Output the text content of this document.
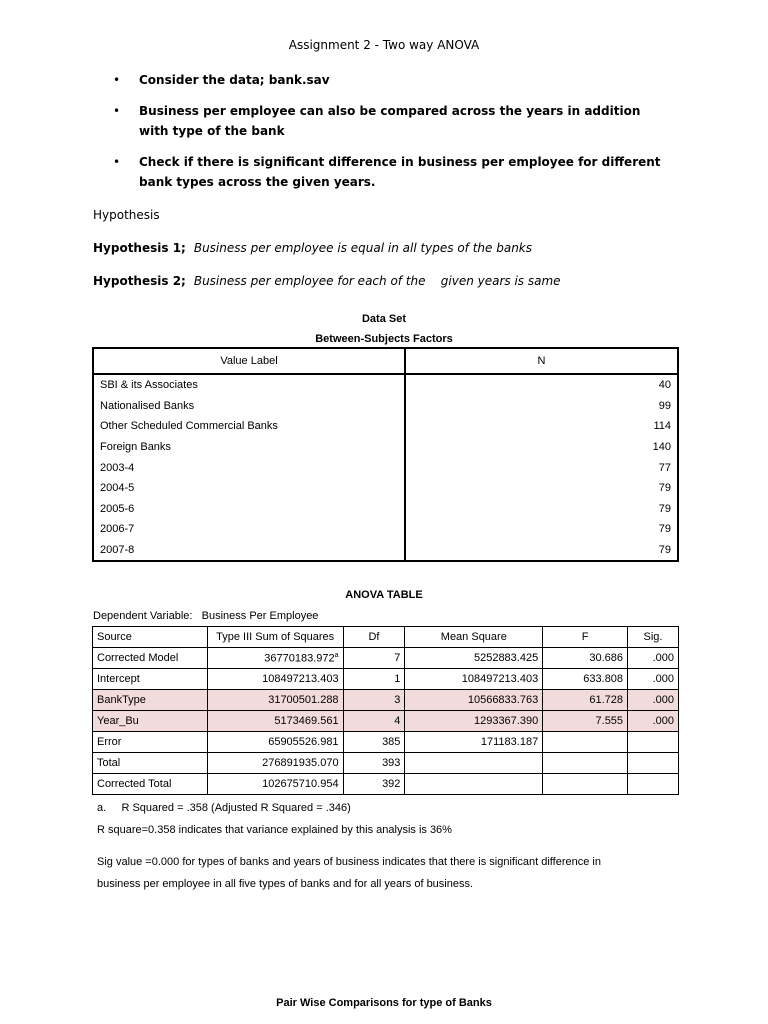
Assignment 2 - Two way ANOVA
•	Consider the data; bank.sav
•	Business per employee can also be compared across the years in addition with type of the bank
•	Check if there is significant difference in business per employee for different bank types across the given years.
Hypothesis
Hypothesis 1; Business per employee is equal in all types of the banks
Hypothesis 2; Business per employee for each of the    given years is same
Data Set
Between-Subjects Factors
Value Label	N
SBI & its Associates	40
Nationalised Banks	99
Other Scheduled Commercial Banks	114
Foreign Banks	140
2003-4	77
2004-5	79
2005-6	79
2006-7	79
2007-8	79
ANOVA TABLE
Dependent Variable:   Business Per Employee
Source	Type III Sum of Squares	Df	Mean Square	F	Sig.
Corrected Model	36770183.972$^a$	7	5252883.425	30.686	.000
Intercept	108497213.403	1	108497213.403	633.808	.000
BankType	31700501.288	3	10566833.763	61.728	.000
Year_Bu	5173469.561	4	1293367.390	7.555	.000
Error	65905526.981	385	171183.187		
Total	276891935.070	393			
Corrected Total	102675710.954	392			
a.     R Squared = .358 (Adjusted R Squared = .346)
R square=0.358 indicates that variance explained by this analysis is 36%
Sig value =0.000 for types of banks and years of business indicates that there is significant difference in
business per employee in all five types of banks and for all years of business.
Pair Wise Comparisons for type of Banks
